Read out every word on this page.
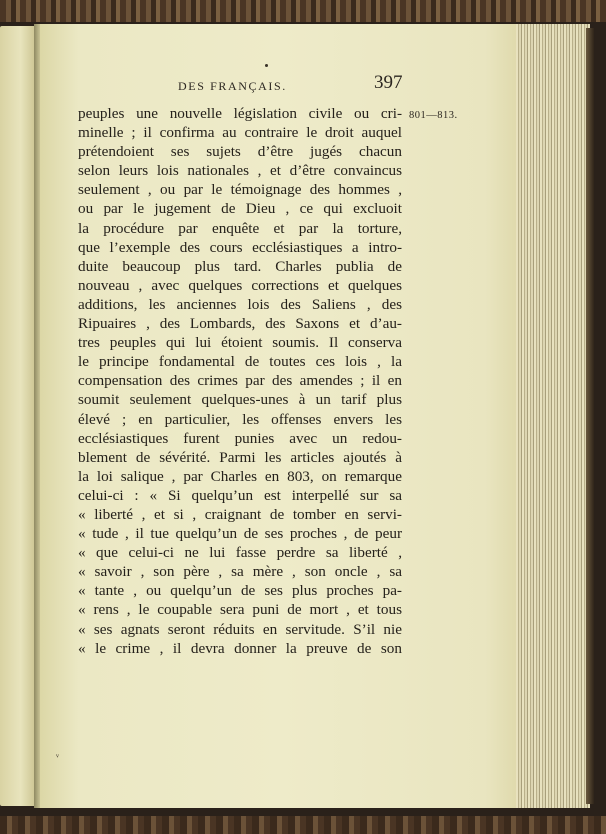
DES FRANÇAIS.	397
801—813.
peuples une nouvelle législation civile ou cri-
minelle ; il confirma au contraire le droit auquel
prétendoient ses sujets d’être jugés chacun
selon leurs lois nationales , et d’être convaincus
seulement , ou par le témoignage des hommes ,
ou par le jugement de Dieu , ce qui excluoit
la procédure par enquête et par la torture,
que l’exemple des cours ecclésiastiques a intro-
duite beaucoup plus tard. Charles publia de
nouveau , avec quelques corrections et quelques
additions, les anciennes lois des Saliens , des
Ripuaires , des Lombards, des Saxons et d’au-
tres peuples qui lui étoient soumis. Il conserva
le principe fondamental de toutes ces lois , la
compensation des crimes par des amendes ; il en
soumit seulement quelques-unes à un tarif plus
élevé ; en particulier, les offenses envers les
ecclésiastiques furent punies avec un redou-
blement de sévérité. Parmi les articles ajoutés à
la loi salique , par Charles en 803, on remarque
celui-ci : « Si quelqu’un est interpellé sur sa
« liberté , et si , craignant de tomber en servi-
« tude , il tue quelqu’un de ses proches , de peur
« que celui-ci ne lui fasse perdre sa liberté ,
« savoir , son père , sa mère , son oncle , sa
« tante , ou quelqu’un de ses plus proches pa-
« rens , le coupable sera puni de mort , et tous
« ses agnats seront réduits en servitude. S’il nie
« le crime , il devra donner la preuve de son
ᵛ
